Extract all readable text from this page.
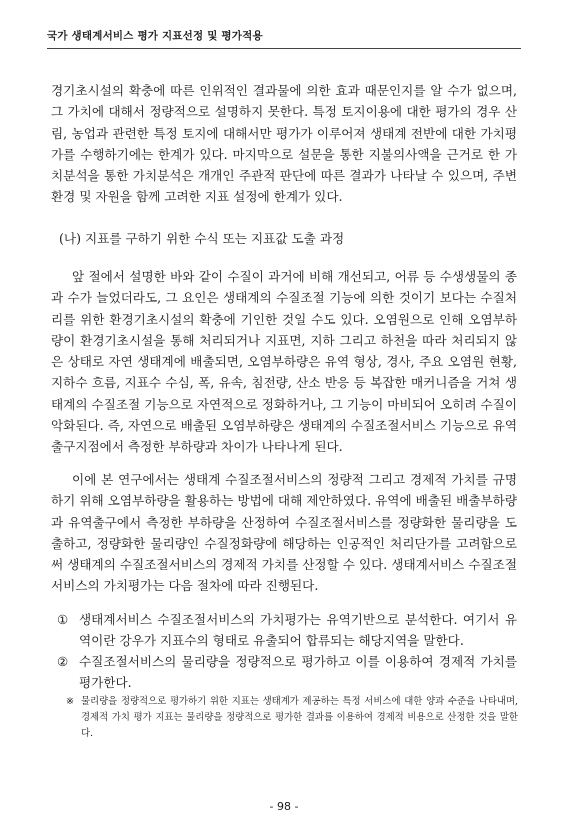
국가 생태계서비스 평가 지표선정 및 평가적용

경기초시설의 확충에 따른 인위적인 결과물에 의한 효과 때문인지를 알 수가 없으며, 그 가치에 대해서 정량적으로 설명하지 못한다. 특정 토지이용에 대한 평가의 경우 산림, 농업과 관련한 특정 토지에 대해서만 평가가 이루어져 생태계 전반에 대한 가치평가를 수행하기에는 한계가 있다. 마지막으로 설문을 통한 지불의사액을 근거로 한 가치분석을 통한 가치분석은 개개인 주관적 판단에 따른 결과가 나타날 수 있으며, 주변 환경 및 자원을 함께 고려한 지표 설정에 한계가 있다.

(나) 지표를 구하기 위한 수식 또는 지표값 도출 과정

앞 절에서 설명한 바와 같이 수질이 과거에 비해 개선되고, 어류 등 수생생물의 종과 수가 늘었더라도, 그 요인은 생태계의 수질조절 기능에 의한 것이기 보다는 수질처리를 위한 환경기초시설의 확충에 기인한 것일 수도 있다. 오염원으로 인해 오염부하량이 환경기초시설을 통해 처리되거나 지표면, 지하 그리고 하천을 따라 처리되지 않은 상태로 자연 생태계에 배출되면, 오염부하량은 유역 형상, 경사, 주요 오염원 현황, 지하수 흐름, 지표수 수심, 폭, 유속, 침전량, 산소 반응 등 복잡한 매커니즘을 거쳐 생태계의 수질조절 기능으로 자연적으로 정화하거나, 그 기능이 마비되어 오히려 수질이 악화된다. 즉, 자연으로 배출된 오염부하량은 생태계의 수질조절서비스 기능으로 유역 출구지점에서 측정한 부하량과 차이가 나타나게 된다.

이에 본 연구에서는 생태계 수질조절서비스의 정량적 그리고 경제적 가치를 규명하기 위해 오염부하량을 활용하는 방법에 대해 제안하였다. 유역에 배출된 배출부하량과 유역출구에서 측정한 부하량을 산정하여 수질조절서비스를 정량화한 물리량을 도출하고, 정량화한 물리량인 수질정화량에 해당하는 인공적인 처리단가를 고려함으로써 생태계의 수질조절서비스의 경제적 가치를 산정할 수 있다. 생태계서비스 수질조절서비스의 가치평가는 다음 절차에 따라 진행된다.

① 생태계서비스 수질조절서비스의 가치평가는 유역기반으로 분석한다. 여기서 유역이란 강우가 지표수의 형태로 유출되어 합류되는 해당지역을 말한다.
② 수질조절서비스의 물리량을 정량적으로 평가하고 이를 이용하여 경제적 가치를 평가한다.
※ 물리량을 정량적으로 평가하기 위한 지표는 생태계가 제공하는 특정 서비스에 대한 양과 수준을 나타내며, 경제적 가치 평가 지표는 물리량을 정량적으로 평가한 결과를 이용하여 경제적 비용으로 산정한 것을 말한다.
- 98 -
